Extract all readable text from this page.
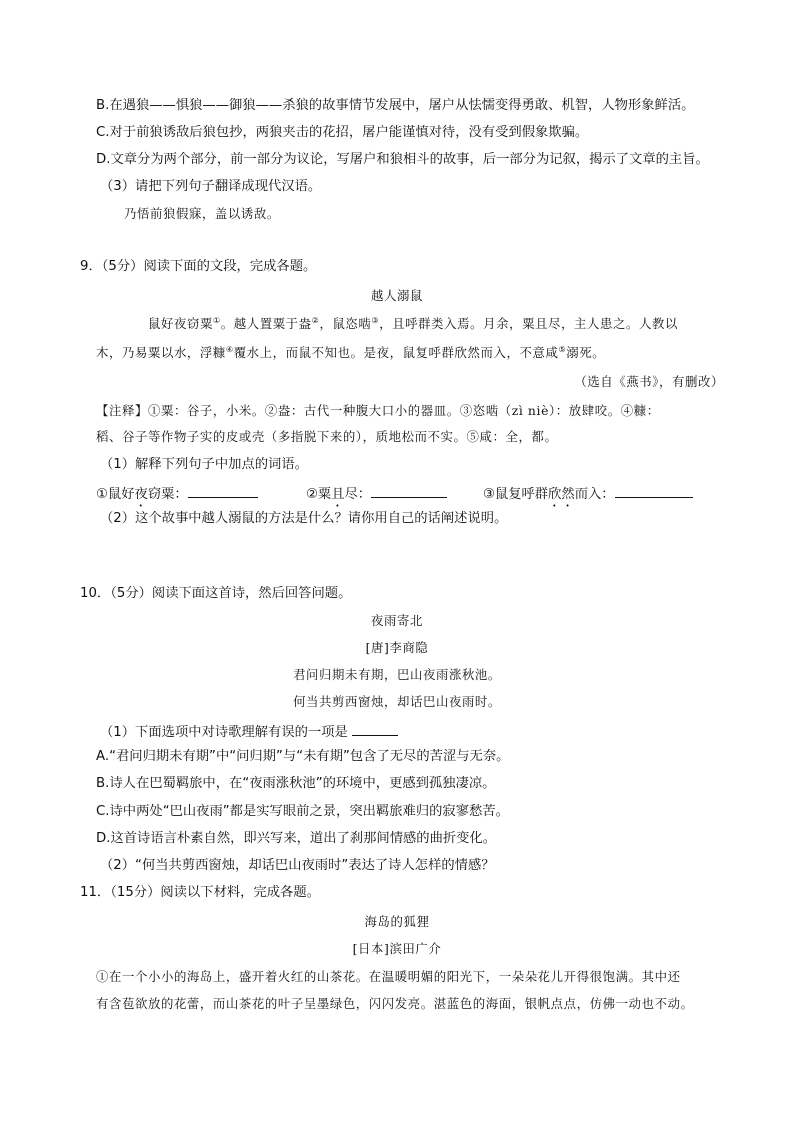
B.在遇狼——惧狼——御狼——杀狼的故事情节发展中，屠户从怯懦变得勇敢、机智，人物形象鲜活。
C.对于前狼诱敌后狼包抄，两狼夹击的花招，屠户能谨慎对待，没有受到假象欺骗。
D.文章分为两个部分，前一部分为议论，写屠户和狼相斗的故事，后一部分为记叙，揭示了文章的主旨。
（3）请把下列句子翻译成现代汉语。
乃悟前狼假寐，盖以诱敌。
9．（5分）阅读下面的文段，完成各题。
越人溺鼠
鼠好夜窃粟①。越人置粟于盎②，鼠恣啮③，且呼群类入焉。月余，粟且尽，主人患之。人教以
木，乃易粟以水，浮糠④覆水上，而鼠不知也。是夜，鼠复呼群欣然而入，不意咸⑤溺死。
（选自《燕书》，有删改）
【注释】①粟：谷子，小米。②盎：古代一种腹大口小的器皿。③恣啮（zì niè）：放肆咬。④糠：
稻、谷子等作物子实的皮或壳（多指脱下来的），质地松而不实。⑤咸：全，都。
（1）解释下列句子中加点的词语。
①鼠好夜窃粟：	②粟且尽：	③鼠复呼群欣然而入：
（2）这个故事中越人溺鼠的方法是什么？请你用自己的话阐述说明。
10．（5分）阅读下面这首诗，然后回答问题。
夜雨寄北
[唐]李商隐
君问归期未有期，巴山夜雨涨秋池。
何当共剪西窗烛，却话巴山夜雨时。
（1）下面选项中对诗歌理解有误的一项是
A.“君问归期未有期”中“问归期”与“未有期”包含了无尽的苦涩与无奈。
B.诗人在巴蜀羁旅中，在“夜雨涨秋池”的环境中，更感到孤独凄凉。
C.诗中两处“巴山夜雨”都是实写眼前之景，突出羁旅难归的寂寥愁苦。
D.这首诗语言朴素自然，即兴写来，道出了刹那间情感的曲折变化。
（2）“何当共剪西窗烛，却话巴山夜雨时”表达了诗人怎样的情感？
11．（15分）阅读以下材料，完成各题。
海岛的狐狸
[日本]滨田广介
①在一个小小的海岛上，盛开着火红的山茶花。在温暖明媚的阳光下，一朵朵花儿开得很饱满。其中还
有含苞欲放的花蕾，而山茶花的叶子呈墨绿色，闪闪发亮。湛蓝色的海面，银帆点点，仿佛一动也不动。
